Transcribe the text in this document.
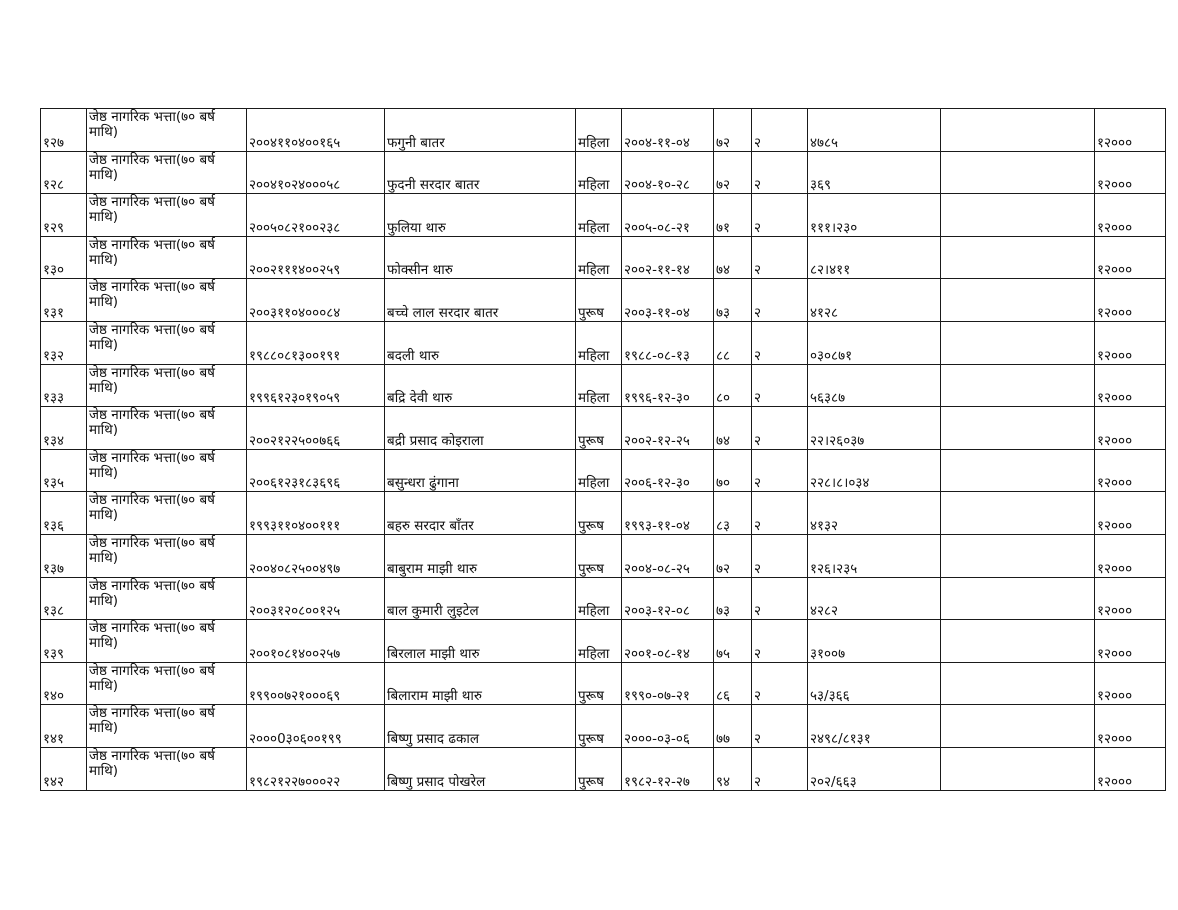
१२७	जेष्ठ नागरिक भत्ता(७० बर्ष माथि)	२००४११०४००१६५	फगुनी बातर	महिला	२००४-११-०४	७२	२	४७८५		१२०००
१२८	जेष्ठ नागरिक भत्ता(७० बर्ष माथि)	२००४१०२४०००५८	फुदनी सरदार बातर	महिला	२००४-१०-२८	७२	२	३६९		१२०००
१२९	जेष्ठ नागरिक भत्ता(७० बर्ष माथि)	२००५०८२१००२३८	फुलिया थारु	महिला	२००५-०८-२१	७१	२	१११।२३०		१२०००
१३०	जेष्ठ नागरिक भत्ता(७० बर्ष माथि)	२००२१११४००२५९	फोक्सीन थारु	महिला	२००२-११-१४	७४	२	८२।४११		१२०००
१३१	जेष्ठ नागरिक भत्ता(७० बर्ष माथि)	२००३११०४०००८४	बच्चे लाल सरदार बातर	पुरूष	२००३-११-०४	७३	२	४१२८		१२०००
१३२	जेष्ठ नागरिक भत्ता(७० बर्ष माथि)	१९८८०८१३००१९१	बदली थारु	महिला	१९८८-०८-१३	८८	२	०३०८७१		१२०००
१३३	जेष्ठ नागरिक भत्ता(७० बर्ष माथि)	१९९६१२३०१९०५९	बद्रि देवी थारु	महिला	१९९६-१२-३०	८०	२	५६३८७		१२०००
१३४	जेष्ठ नागरिक भत्ता(७० बर्ष माथि)	२००२१२२५००७६६	बद्री प्रसाद कोइराला	पुरूष	२००२-१२-२५	७४	२	२२।२६०३७		१२०००
१३५	जेष्ठ नागरिक भत्ता(७० बर्ष माथि)	२००६१२३१८३६९६	बसुन्धरा ढुंगाना	महिला	२००६-१२-३०	७०	२	२२८।८।०३४		१२०००
१३६	जेष्ठ नागरिक भत्ता(७० बर्ष माथि)	१९९३११०४००१११	बहरु सरदार बाँतर	पुरूष	१९९३-११-०४	८३	२	४१३२		१२०००
१३७	जेष्ठ नागरिक भत्ता(७० बर्ष माथि)	२००४०८२५००४९७	बाबुराम माझी थारु	पुरूष	२००४-०८-२५	७२	२	१२६।२३५		१२०००
१३८	जेष्ठ नागरिक भत्ता(७० बर्ष माथि)	२००३१२०८००१२५	बाल कुमारी लुइटेल	महिला	२००३-१२-०८	७३	२	४२८२		१२०००
१३९	जेष्ठ नागरिक भत्ता(७० बर्ष माथि)	२००१०८१४००२५७	बिरलाल माझी थारु	महिला	२००१-०८-१४	७५	२	३१००७		१२०००
१४०	जेष्ठ नागरिक भत्ता(७० बर्ष माथि)	१९९००७२१०००६९	बिलाराम माझी थारु	पुरूष	१९९०-०७-२१	८६	२	५३/३६६		१२०००
१४१	जेष्ठ नागरिक भत्ता(७० बर्ष माथि)	२०००0३०६००१९९	बिष्णु प्रसाद ढकाल	पुरूष	२०००-०३-०६	७७	२	२४९८/८१३१		१२०००
१४२	जेष्ठ नागरिक भत्ता(७० बर्ष माथि)	१९८२१२२७०००२२	बिष्णु प्रसाद पोखरेल	पुरूष	१९८२-१२-२७	९४	२	२०२/६६३		१२०००
